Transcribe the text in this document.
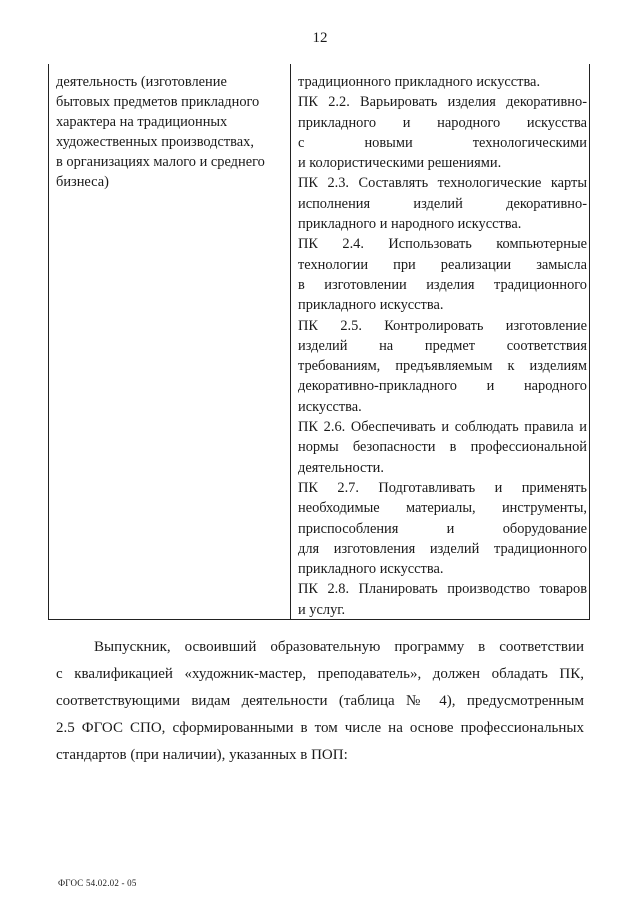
12
деятельность (изготовление
бытовых предметов прикладного
характера на традиционных
художественных производствах,
в организациях малого и среднего
бизнеса)
традиционного прикладного искусства.
ПК 2.2. Варьировать изделия декоративно-
прикладного и народного искусства
с новыми технологическими
и колористическими решениями.
ПК 2.3. Составлять технологические карты
исполнения изделий декоративно-
прикладного и народного искусства.
ПК 2.4. Использовать компьютерные
технологии при реализации замысла
в изготовлении изделия традиционного
прикладного искусства.
ПК 2.5. Контролировать изготовление
изделий на предмет соответствия
требованиям, предъявляемым к изделиям
декоративно-прикладного и народного
искусства.
ПК 2.6. Обеспечивать и соблюдать правила и
нормы безопасности в профессиональной
деятельности.
ПК 2.7. Подготавливать и применять
необходимые материалы, инструменты,
приспособления и оборудование
для изготовления изделий традиционного
прикладного искусства.
ПК 2.8. Планировать производство товаров
и услуг.
Выпускник, освоивший образовательную программу в соответствии
с квалификацией «художник-мастер, преподаватель», должен обладать ПК,
соответствующими видам деятельности (таблица № 4), предусмотренным
2.5 ФГОС СПО, сформированными в том числе на основе профессиональных
стандартов (при наличии), указанных в ПОП:
ФГОС 54.02.02 - 05
